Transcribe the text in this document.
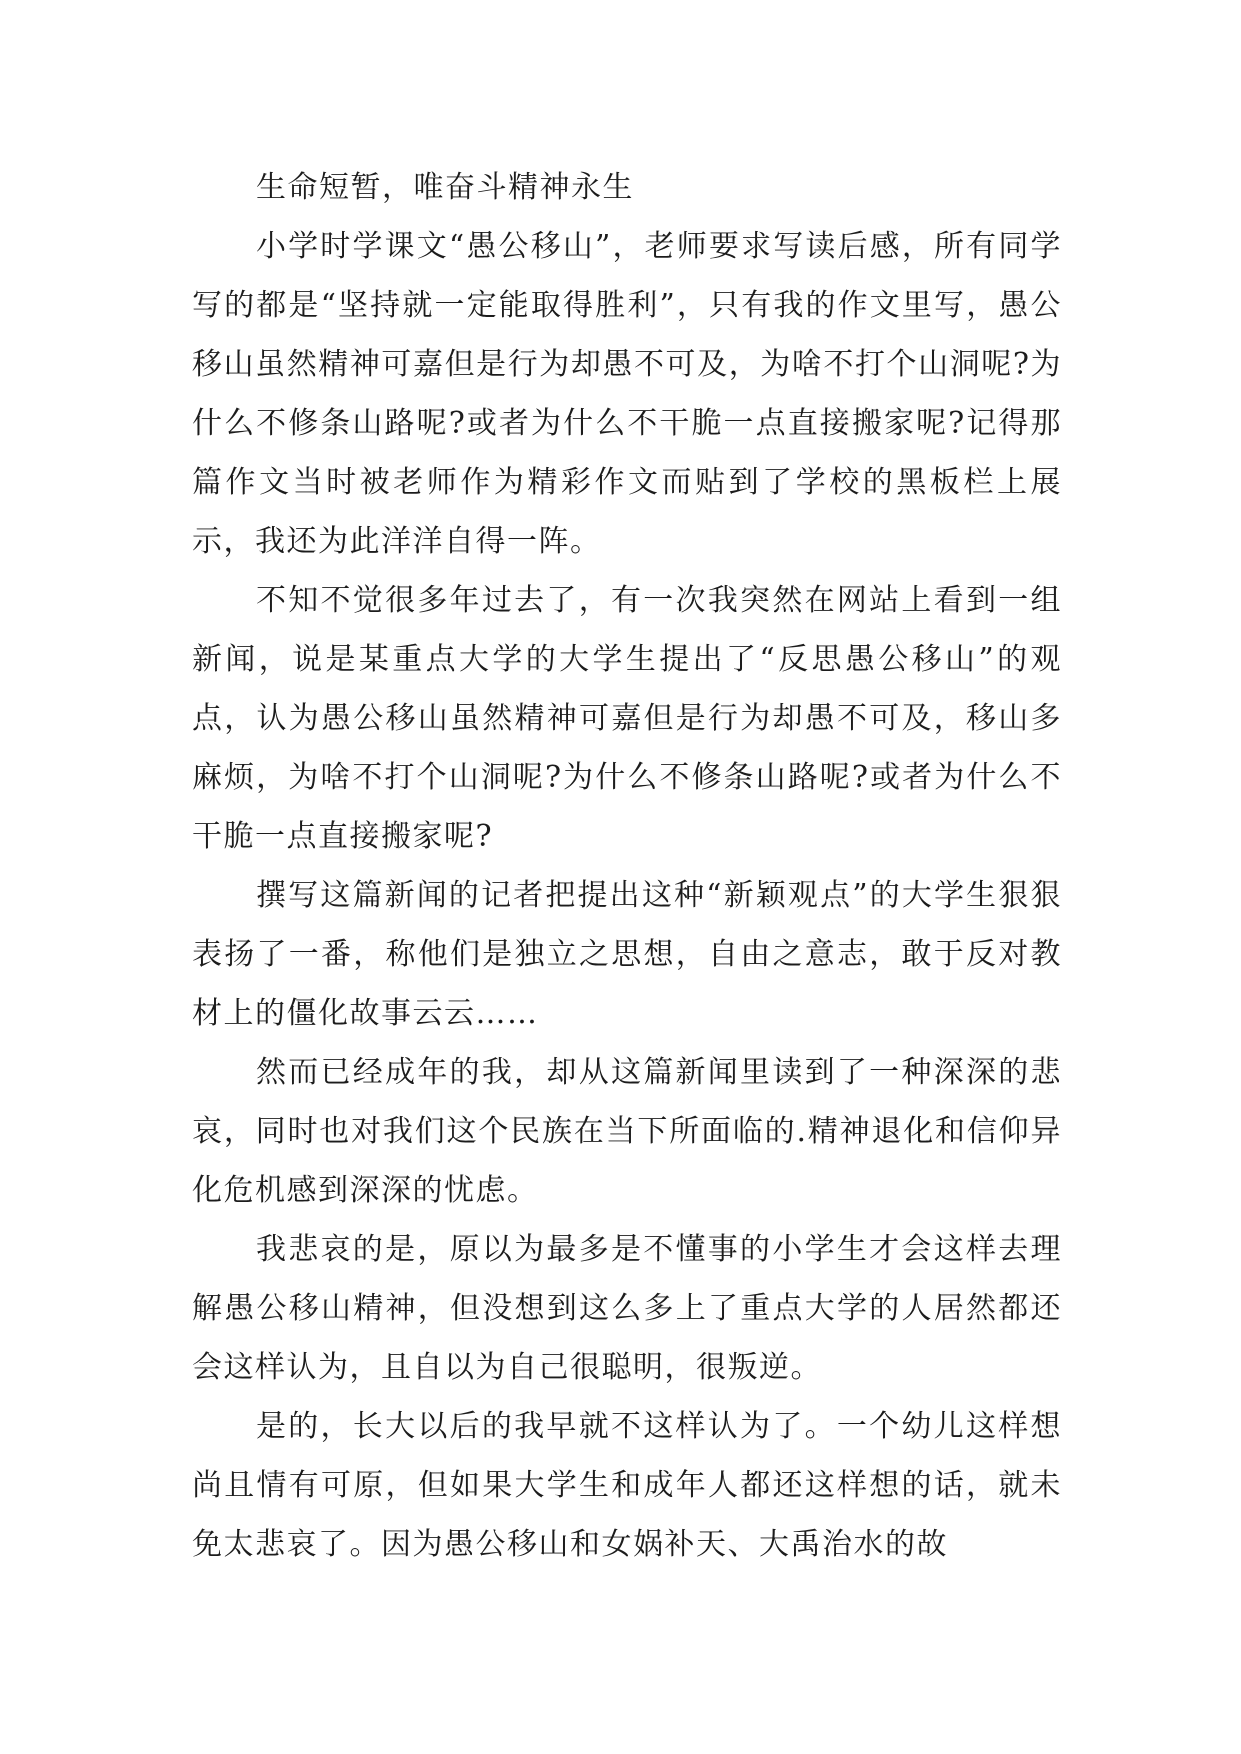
生命短暂，唯奋斗精神永生

小学时学课文“愚公移山”，老师要求写读后感，所有同学写的都是“坚持就一定能取得胜利”，只有我的作文里写，愚公移山虽然精神可嘉但是行为却愚不可及，为啥不打个山洞呢?为什么不修条山路呢?或者为什么不干脆一点直接搬家呢?记得那篇作文当时被老师作为精彩作文而贴到了学校的黑板栏上展示，我还为此洋洋自得一阵。

不知不觉很多年过去了，有一次我突然在网站上看到一组新闻，说是某重点大学的大学生提出了“反思愚公移山”的观点，认为愚公移山虽然精神可嘉但是行为却愚不可及，移山多麻烦，为啥不打个山洞呢?为什么不修条山路呢?或者为什么不干脆一点直接搬家呢?

撰写这篇新闻的记者把提出这种“新颖观点”的大学生狠狠表扬了一番，称他们是独立之思想，自由之意志，敢于反对教材上的僵化故事云云……

然而已经成年的我，却从这篇新闻里读到了一种深深的悲哀，同时也对我们这个民族在当下所面临的.精神退化和信仰异化危机感到深深的忧虑。

我悲哀的是，原以为最多是不懂事的小学生才会这样去理解愚公移山精神，但没想到这么多上了重点大学的人居然都还会这样认为，且自以为自己很聪明，很叛逆。

是的，长大以后的我早就不这样认为了。一个幼儿这样想尚且情有可原，但如果大学生和成年人都还这样想的话，就未免太悲哀了。因为愚公移山和女娲补天、大禹治水的故
